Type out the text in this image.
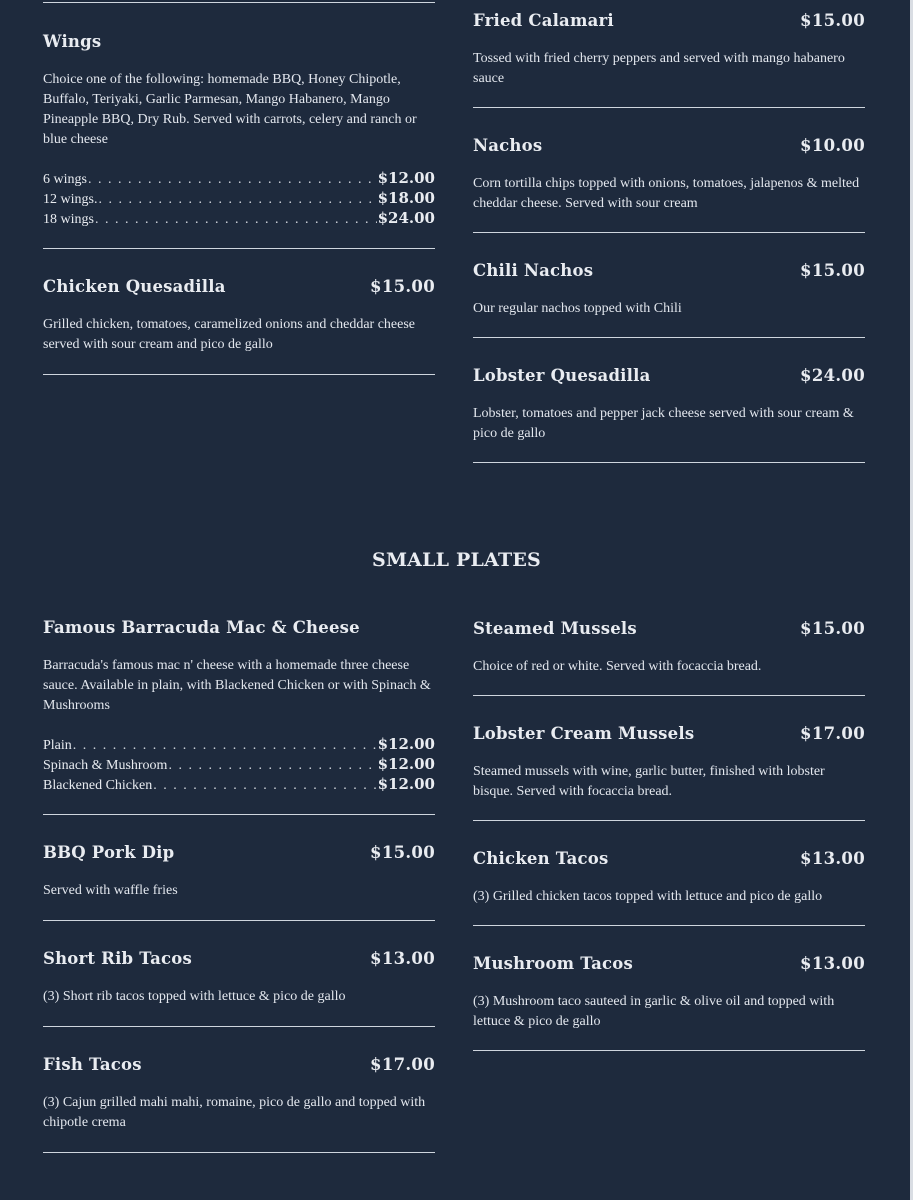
Wings
Choice one of the following: homemade BBQ, Honey Chipotle, Buffalo, Teriyaki, Garlic Parmesan, Mango Habanero, Mango Pineapple BBQ, Dry Rub. Served with carrots, celery and ranch or blue cheese
6 wings . . .	$12.00
12 wings. . . .	$18.00
18 wings . . .	$24.00
Chicken Quesadilla	$15.00
Grilled chicken, tomatoes, caramelized onions and cheddar cheese served with sour cream and pico de gallo
Fried Calamari	$15.00
Tossed with fried cherry peppers and served with mango habanero sauce
Nachos	$10.00
Corn tortilla chips topped with onions, tomatoes, jalapenos & melted cheddar cheese. Served with sour cream
Chili Nachos	$15.00
Our regular nachos topped with Chili
Lobster Quesadilla	$24.00
Lobster, tomatoes and pepper jack cheese served with sour cream & pico de gallo
SMALL PLATES
Famous Barracuda Mac & Cheese
Barracuda's famous mac n' cheese with a homemade three cheese sauce. Available in plain, with Blackened Chicken or with Spinach & Mushrooms
Plain . . .	$12.00
Spinach & Mushroom . . .	$12.00
Blackened Chicken . . .	$12.00
BBQ Pork Dip	$15.00
Served with waffle fries
Short Rib Tacos	$13.00
(3) Short rib tacos topped with lettuce & pico de gallo
Fish Tacos	$17.00
(3) Cajun grilled mahi mahi, romaine, pico de gallo and topped with chipotle crema
Steamed Mussels	$15.00
Choice of red or white. Served with focaccia bread.
Lobster Cream Mussels	$17.00
Steamed mussels with wine, garlic butter, finished with lobster bisque. Served with focaccia bread.
Chicken Tacos	$13.00
(3) Grilled chicken tacos topped with lettuce and pico de gallo
Mushroom Tacos	$13.00
(3) Mushroom taco sauteed in garlic & olive oil and topped with lettuce & pico de gallo
